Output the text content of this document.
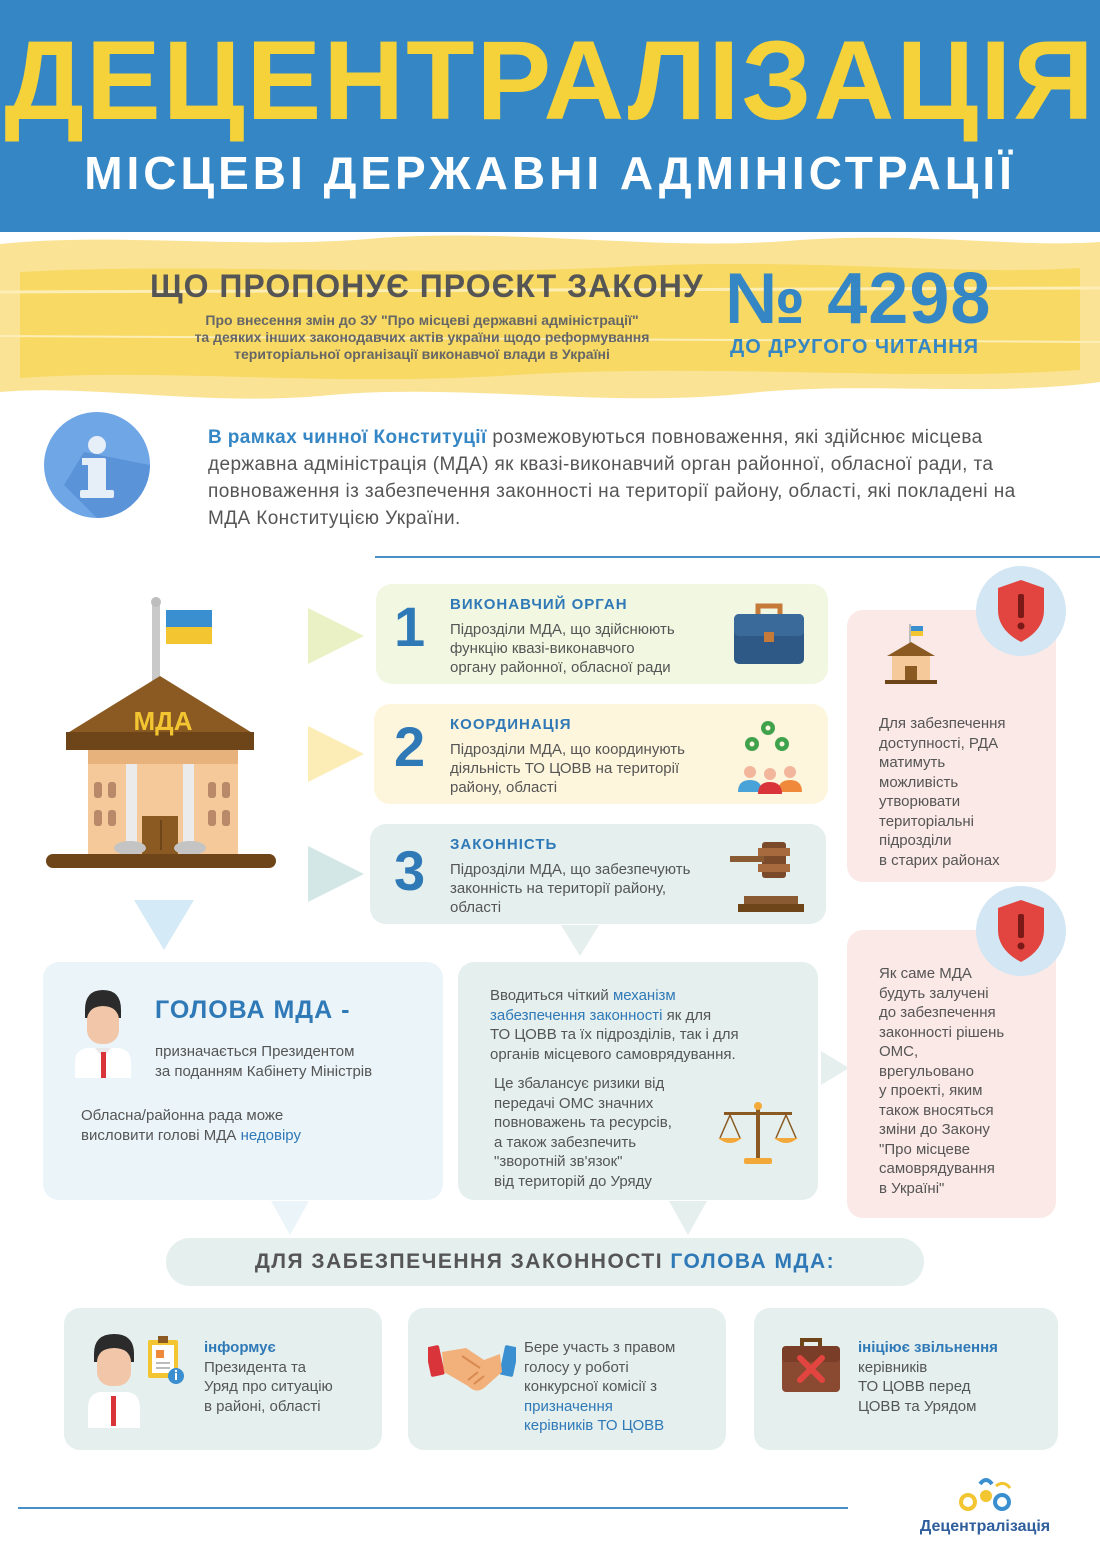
ДЕЦЕНТРАЛІЗАЦІЯ
МІСЦЕВІ ДЕРЖАВНІ АДМІНІСТРАЦІЇ
ЩО ПРОПОНУЄ ПРОЄКТ ЗАКОНУ
Про внесення змін до ЗУ "Про місцеві державні адміністрації"
та деяких інших законодавчих актів україни щодо реформування
територіальної організації виконавчої влади в Україні
№ 4298
ДО ДРУГОГО ЧИТАННЯ
В рамках чинної Конституції розмежовуються повноваження, які здійснює місцева державна адміністрація (МДА) як квазі-виконавчий орган районної, обласної ради, та повноваження із забезпечення законності на території району, області, які покладені на МДА Конституцією України.
МДА
1 ВИКОНАВЧИЙ ОРГАН
Підрозділи МДА, що здійснюють
функцію квазі-виконавчого
органу районної, обласної ради
2 КООРДИНАЦІЯ
Підрозділи МДА, що координують
діяльність ТО ЦОВВ на території
району, області
3 ЗАКОННІСТЬ
Підрозділи МДА, що забезпечують
законність на території району,
області
Для забезпечення
доступності, РДА
матимуть
можливість
утворювати
територіальні
підрозділи
в старих районах
Як саме МДА
будуть залучені
до забезпечення
законності рішень
ОМС,
врегульовано
у проекті, яким
також вносяться
зміни до Закону
"Про місцеве
самоврядування
в Україні"
ГОЛОВА МДА -
призначається Президентом
за поданням Кабінету Міністрів
Обласна/районна рада може
висловити голові МДА недовіру
Вводиться чіткий механізм
забезпечення законності як для
ТО ЦОВВ та їх підрозділів, так і для
органів місцевого самоврядування.
Це збалансує ризики від
передачі ОМС значних
повноважень та ресурсів,
а також забезпечить
"зворотній зв'язок"
від територій до Уряду
ДЛЯ ЗАБЕЗПЕЧЕННЯ ЗАКОННОСТІ ГОЛОВА МДА:
інформує
Президента та
Уряд про ситуацію
в районі, області
Бере участь з правом
голосу у роботі
конкурсної комісії з
призначення
керівників ТО ЦОВВ
ініціює звільнення
керівників
ТО ЦОВВ перед
ЦОВВ та Урядом
Децентралізація
